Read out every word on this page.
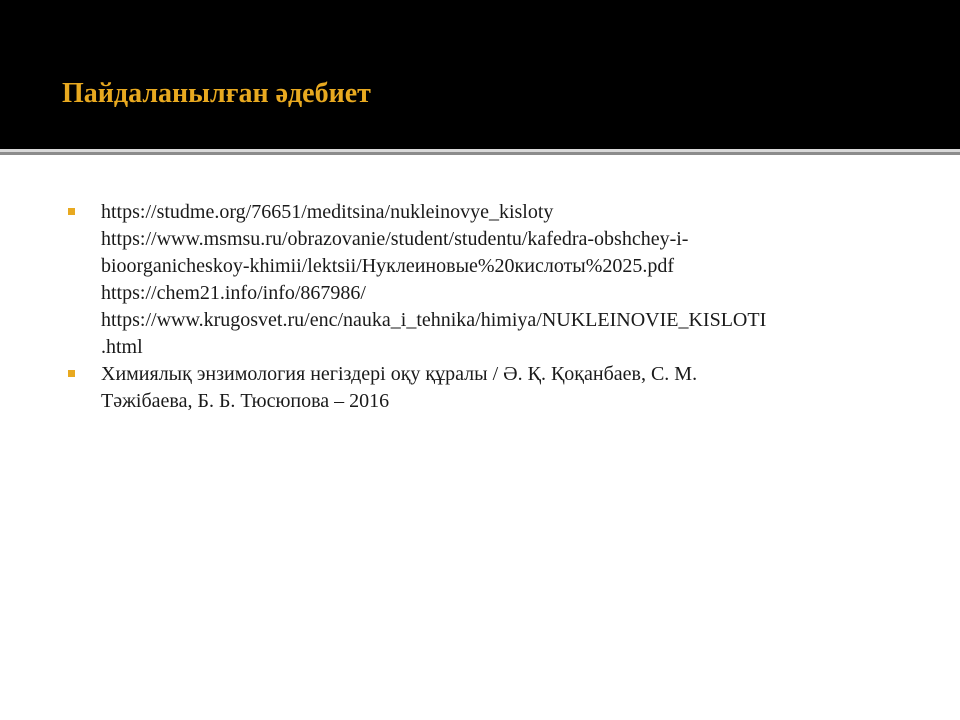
Пайдаланылған әдебиет
https://studme.org/76651/meditsina/nukleinovye_kisloty
https://www.msmsu.ru/obrazovanie/student/studentu/kafedra-obshchey-i-
bioorganicheskoy-khimii/lektsii/Нуклеиновые%20кислоты%2025.pdf
https://chem21.info/info/867986/
https://www.krugosvet.ru/enc/nauka_i_tehnika/himiya/NUKLEINOVIE_KISLOTI
.html
Химиялық энзимология негіздері оқу құралы / Ә. Қ. Қоқанбаев, С. М.
Тәжібаева, Б. Б. Тюсюпова – 2016
